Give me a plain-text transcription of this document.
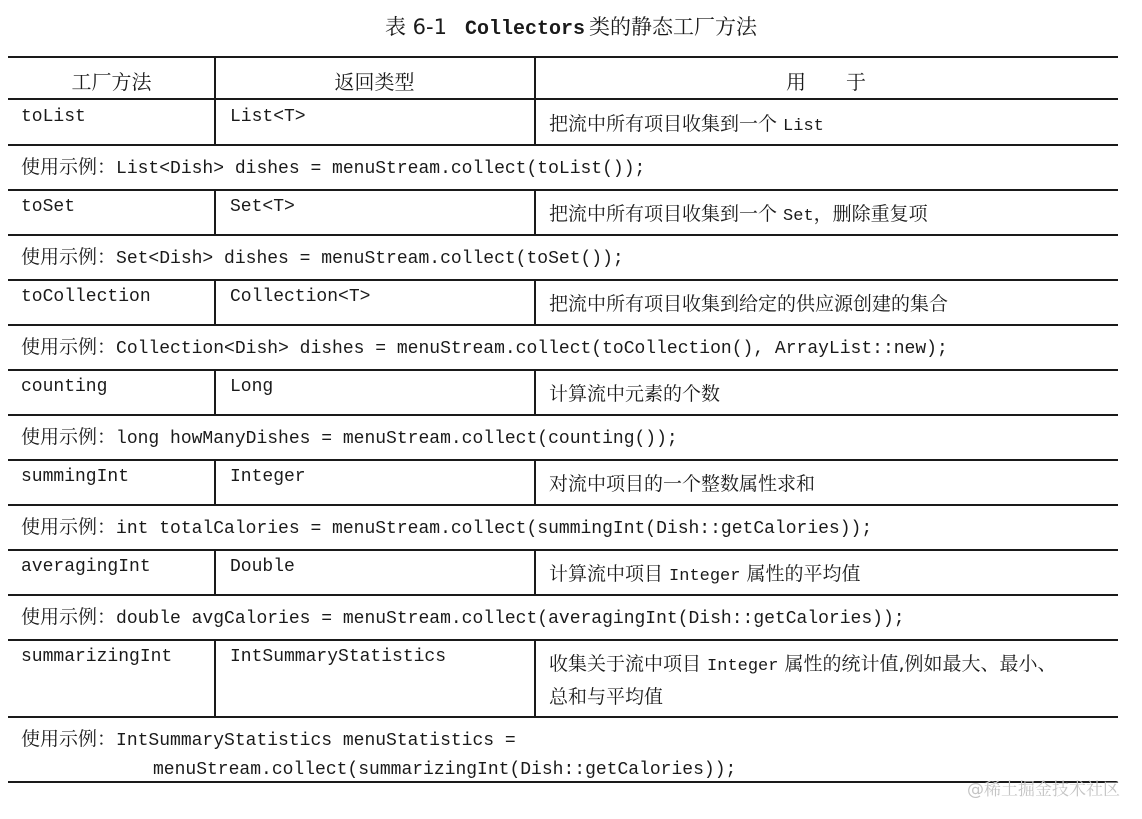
表 6-1 Collectors 类的静态工厂方法
工厂方法	返回类型	用　　于
toList	List<T>	把流中所有项目收集到一个 List
使用示例：List<Dish> dishes = menuStream.collect(toList());
toSet	Set<T>	把流中所有项目收集到一个 Set，删除重复项
使用示例：Set<Dish> dishes = menuStream.collect(toSet());
toCollection	Collection<T>	把流中所有项目收集到给定的供应源创建的集合
使用示例：Collection<Dish> dishes = menuStream.collect(toCollection(), ArrayList::new);
counting	Long	计算流中元素的个数
使用示例：long howManyDishes = menuStream.collect(counting());
summingInt	Integer	对流中项目的一个整数属性求和
使用示例：int totalCalories = menuStream.collect(summingInt(Dish::getCalories));
averagingInt	Double	计算流中项目 Integer 属性的平均值
使用示例：double avgCalories = menuStream.collect(averagingInt(Dish::getCalories));
summarizingInt	IntSummaryStatistics	收集关于流中项目 Integer 属性的统计值,例如最大、最小、
总和与平均值
使用示例：IntSummaryStatistics menuStatistics =
menuStream.collect(summarizingInt(Dish::getCalories));
@稀土掘金技术社区
